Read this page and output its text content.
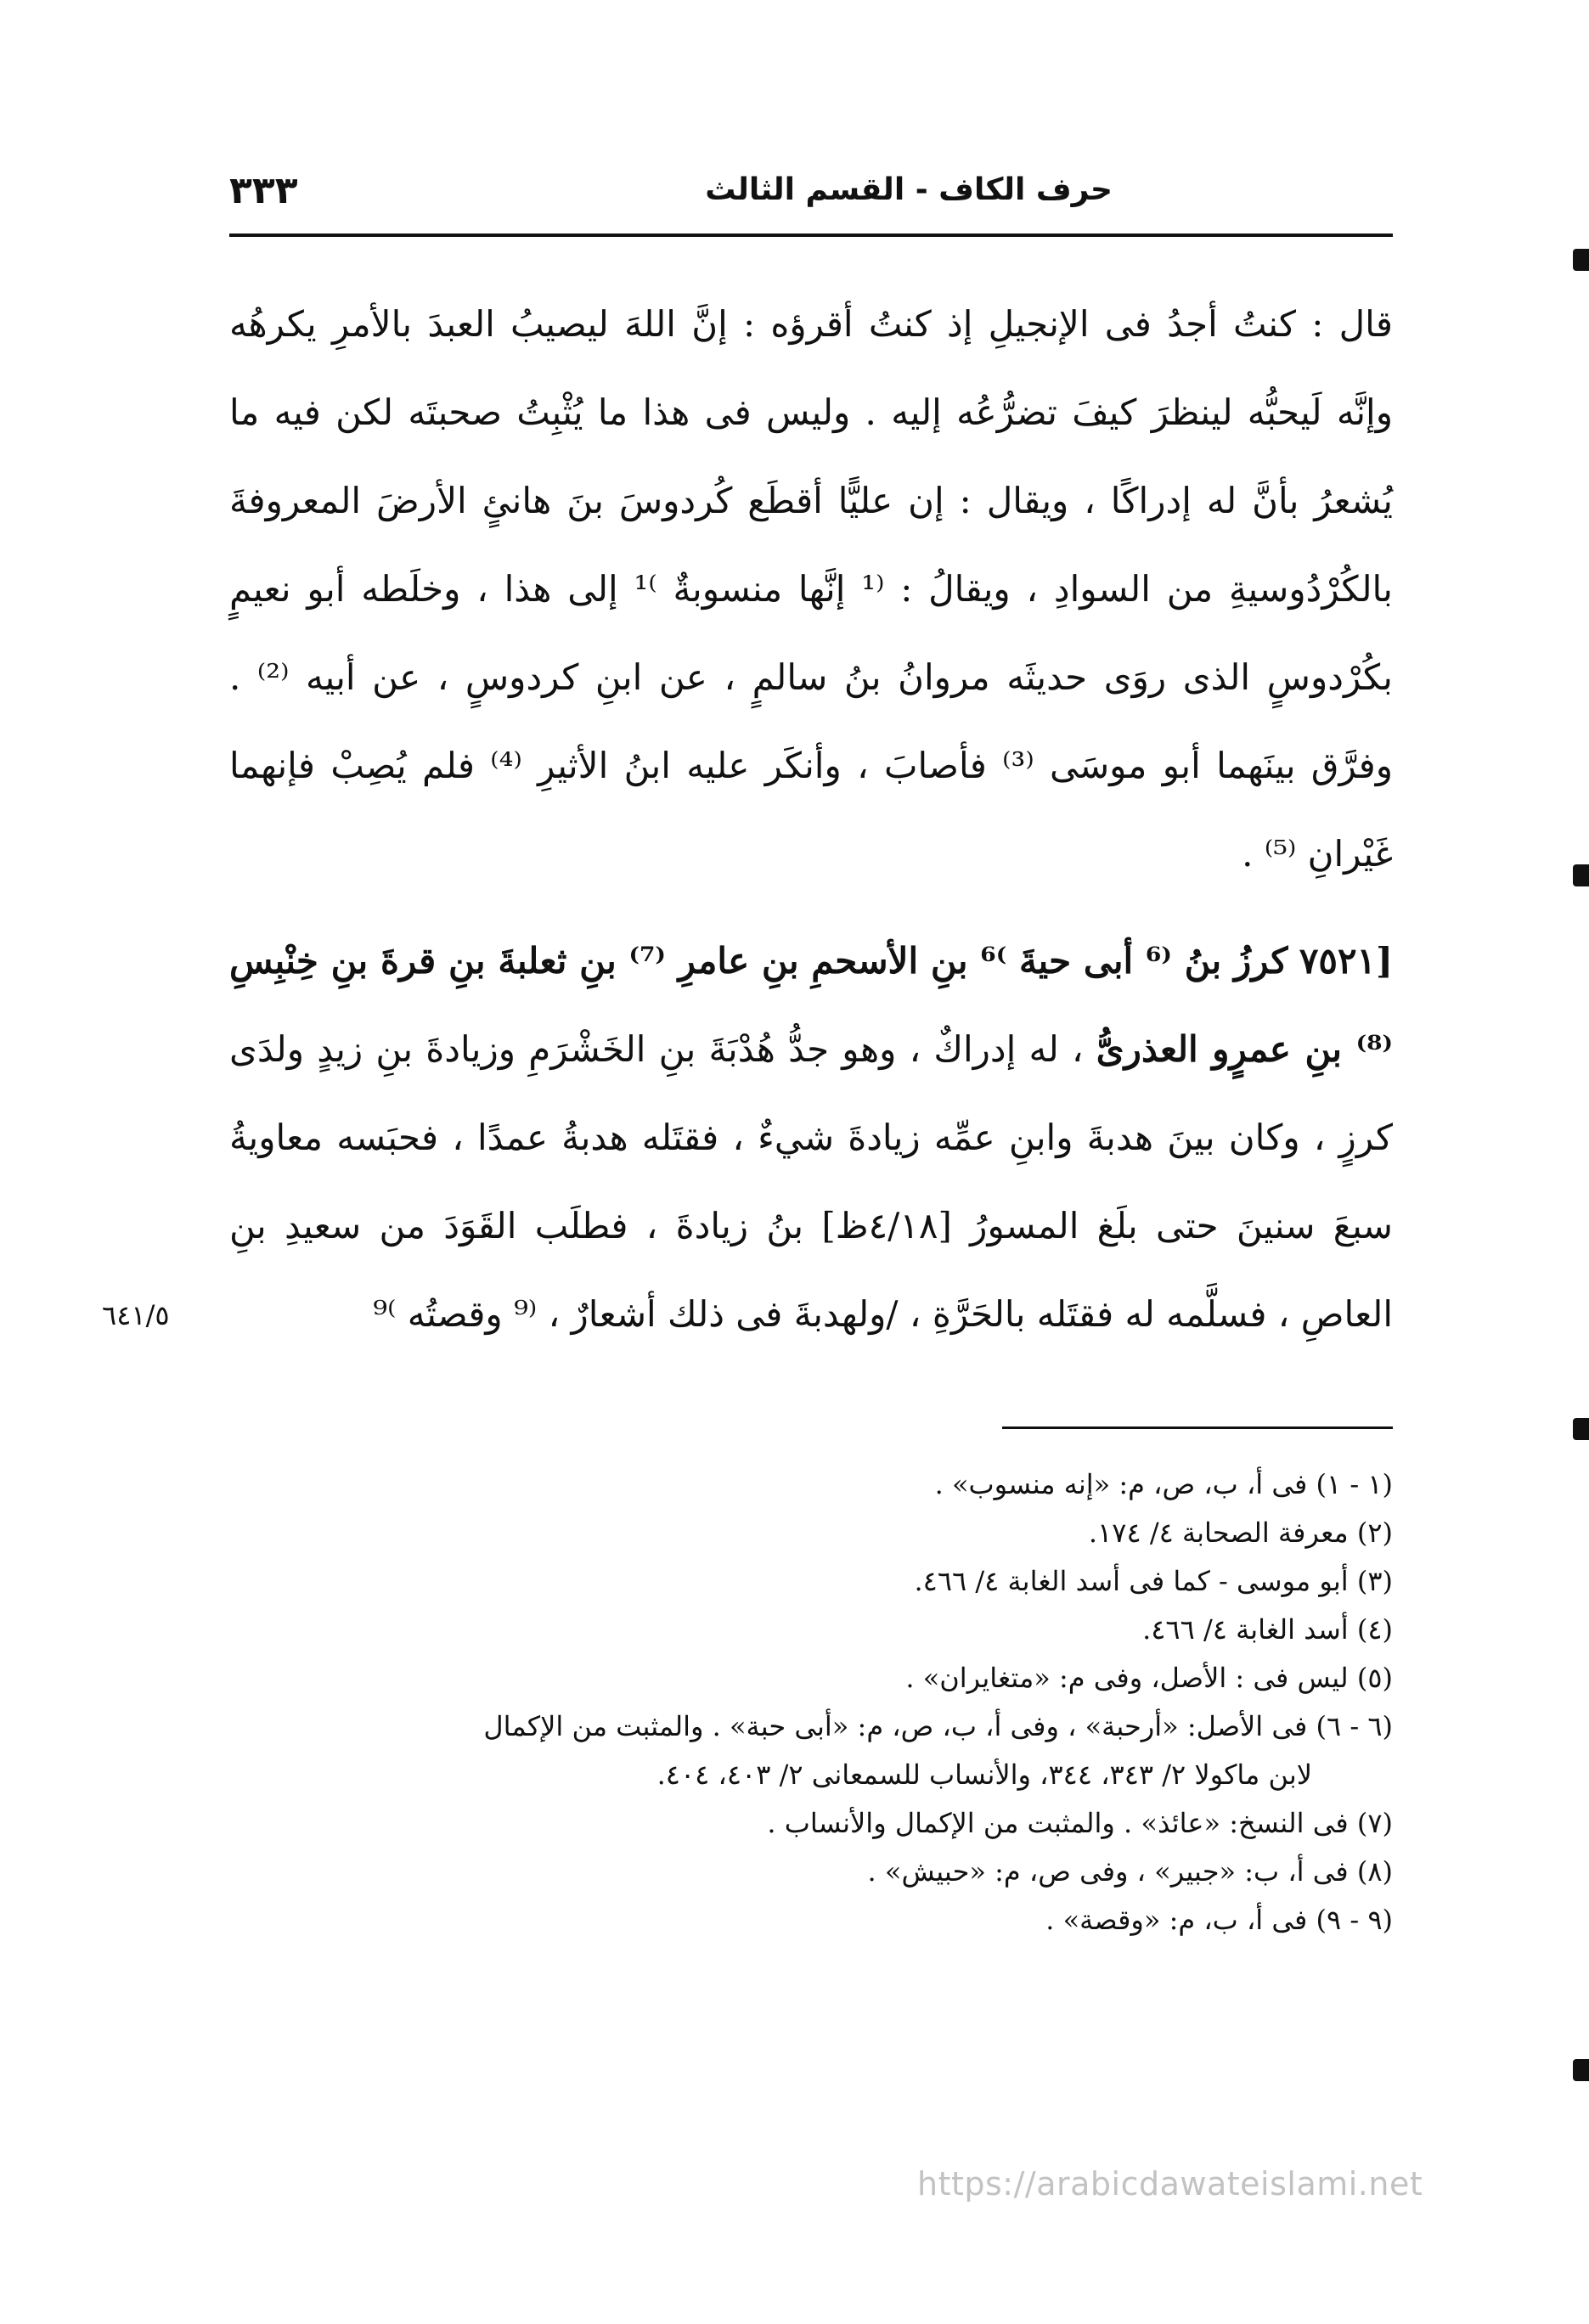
حرف الكاف - القسم الثالث
٣٣٣

قال : كنتُ أجدُ فى الإنجيلِ إذ كنتُ أقرؤه : إنَّ اللهَ ليصيبُ العبدَ بالأمرِ يكرهُه وإنَّه لَيحبُّه لينظرَ كيفَ تضرُّعُه إليه . وليس فى هذا ما يُثْبِتُ صحبتَه لكن فيه ما يُشعرُ بأنَّ له إدراكًا ، ويقال : إن عليًّا أقطَع كُردوسَ بنَ هانئٍ الأرضَ المعروفةَ بالكُرْدُوسيةِ من السوادِ ، ويقالُ : ⁽¹ إنَّها منسوبةٌ ⁾¹ إلى هذا ، وخلَطه أبو نعيمٍ بكُرْدوسٍ الذى روَى حديثَه مروانُ بنُ سالمٍ ، عن ابنِ كردوسٍ ، عن أبيه ⁽²⁾ . وفرَّق بينَهما أبو موسَى ⁽³⁾ فأصابَ ، وأنكَر عليه ابنُ الأثيرِ ⁽⁴⁾ فلم يُصِبْ فإنهما غَيْرانِ ⁽⁵⁾ .

[٧٥٢١ كرزُ بنُ ⁽⁶ أبى حيةَ ⁾⁶ بنِ الأسحمِ بنِ عامرِ ⁽⁷⁾ بنِ ثعلبةَ بنِ قرةَ بنِ خِنْبِسِ ⁽⁸⁾ بنِ عمرٍو العذرىُّ ، له إدراكٌ ، وهو جدُّ هُدْبَةَ بنِ الخَشْرَمِ وزيادةَ بنِ زيدٍ ولدَى كرزٍ ، وكان بينَ هدبةَ وابنِ عمِّه زيادةَ شيءٌ ، فقتَله هدبةُ عمدًا ، فحبَسه معاويةُ سبعَ سنينَ حتى بلَغ المسورُ [٤/١٨ظ] بنُ زيادةَ ، فطلَب القَوَدَ من سعيدِ بنِ العاصِ ، فسلَّمه له فقتَله بالحَرَّةِ ، /ولهدبةَ فى ذلك أشعارٌ ، ⁽⁹ وقصتُه ⁾⁹

٦٤١/٥

(١ - ١) فى أ، ب، ص، م: «إنه منسوب» .

(٢) معرفة الصحابة ٤/ ١٧٤.

(٣) أبو موسى - كما فى أسد الغابة ٤/ ٤٦٦.

(٤) أسد الغابة ٤/ ٤٦٦.

(٥) ليس فى : الأصل، وفى م: «متغايران» .

(٦ - ٦) فى الأصل: «أرحبة» ، وفى أ، ب، ص، م: «أبى حبة» . والمثبت من الإكمال

لابن ماكولا ٢/ ٣٤٣، ٣٤٤، والأنساب للسمعانى ٢/ ٤٠٣، ٤٠٤.

(٧) فى النسخ: «عائذ» . والمثبت من الإكمال والأنساب .

(٨) فى أ، ب: «جبير» ، وفى ص، م: «حبيش» .

(٩ - ٩) فى أ، ب، م: «وقصة» .

https://arabicdawateislami.net
